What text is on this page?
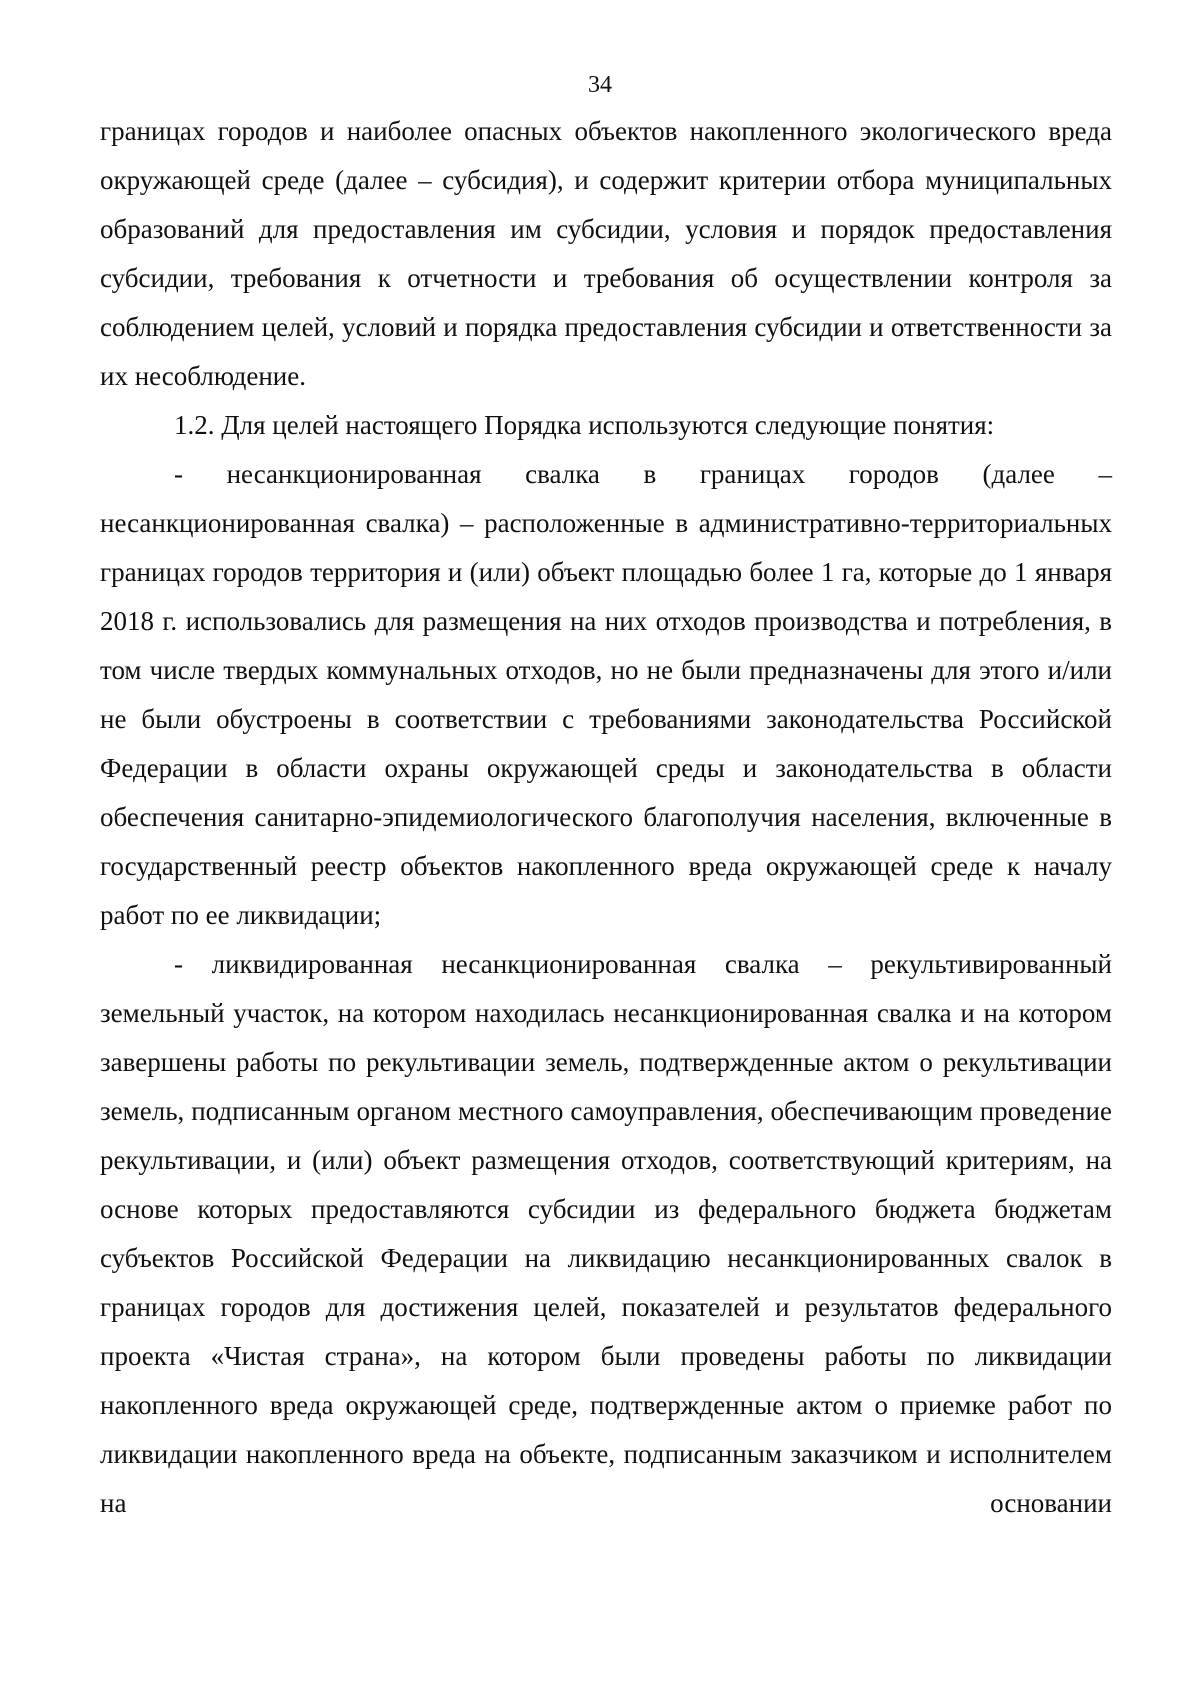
34

границах городов и наиболее опасных объектов накопленного экологического вреда окружающей среде (далее – субсидия), и содержит критерии отбора муниципальных образований для предоставления им субсидии, условия и порядок предоставления субсидии, требования к отчетности и требования об осуществлении контроля за соблюдением целей, условий и порядка предоставления субсидии и ответственности за их несоблюдение.

1.2. Для целей настоящего Порядка используются следующие понятия:

- несанкционированная свалка в границах городов (далее – несанкционированная свалка) – расположенные в административно-территориальных границах городов территория и (или) объект площадью более 1 га, которые до 1 января 2018 г. использовались для размещения на них отходов производства и потребления, в том числе твердых коммунальных отходов, но не были предназначены для этого и/или не были обустроены в соответствии с требованиями законодательства Российской Федерации в области охраны окружающей среды и законодательства в области обеспечения санитарно-эпидемиологического благополучия населения, включенные в государственный реестр объектов накопленного вреда окружающей среде к началу работ по ее ликвидации;

- ликвидированная несанкционированная свалка – рекультивированный земельный участок, на котором находилась несанкционированная свалка и на котором завершены работы по рекультивации земель, подтвержденные актом о рекультивации земель, подписанным органом местного самоуправления, обеспечивающим проведение рекультивации, и (или) объект размещения отходов, соответствующий критериям, на основе которых предоставляются субсидии из федерального бюджета бюджетам субъектов Российской Федерации на ликвидацию несанкционированных свалок в границах городов для достижения целей, показателей и результатов федерального проекта «Чистая страна», на котором были проведены работы по ликвидации накопленного вреда окружающей среде, подтвержденные актом о приемке работ по ликвидации накопленного вреда на объекте, подписанным заказчиком и исполнителем на основании
